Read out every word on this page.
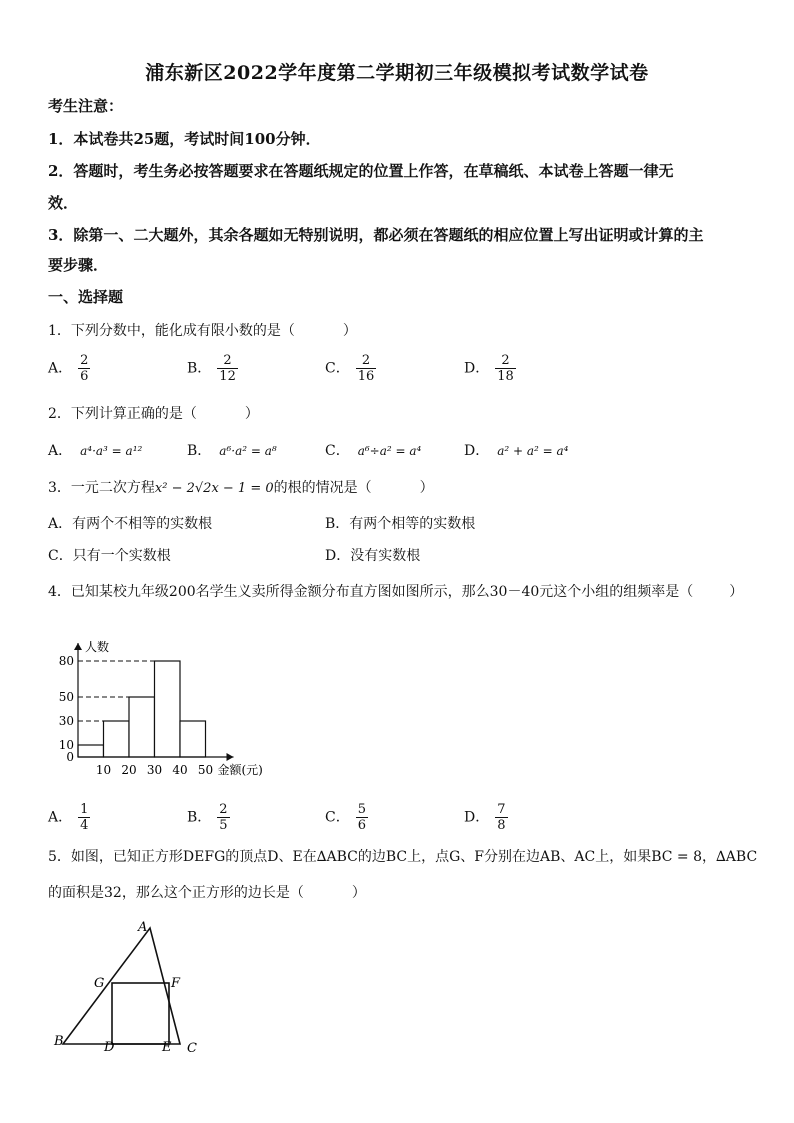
浦东新区2022学年度第二学期初三年级模拟考试数学试卷
考生注意：
1．本试卷共25题，考试时间100分钟．
2．答题时，考生务必按答题要求在答题纸规定的位置上作答，在草稿纸、本试卷上答题一律无
效．
3．除第一、二大题外，其余各题如无特别说明，都必须在答题纸的相应位置上写出证明或计算的主
要步骤．
一、选择题
1．下列分数中，能化成有限小数的是（	）
A． $\frac{2}{6}$	B． $\frac{2}{12}$	C． $\frac{2}{16}$	D． $\frac{2}{18}$
2．下列计算正确的是（	）
A． a⁴·a³ = a¹²	B． a⁶·a² = a⁸	C． a⁶÷a² = a⁴	D． a² + a² = a⁴
3．一元二次方程x² − 2√2x − 1 = 0的根的情况是（	）
A．有两个不相等的实数根	B．有两个相等的实数根
C．只有一个实数根	D．没有实数根
4．已知某校九年级200名学生义卖所得金额分布直方图如图所示，那么30－40元这个小组的组频率是（	）
0
10
30
50
80
10 20 30 40 50
人数
金额(元)
A． $\frac{1}{4}$	B． $\frac{2}{5}$	C． $\frac{5}{6}$	D． $\frac{7}{8}$
5．如图，已知正方形DEFG的顶点D、E在∆ABC的边BC上，点G、F分别在边AB、AC上，如果BC = 8，∆ABC
的面积是32，那么这个正方形的边长是（	）
A
B	C
D	E
F
G
